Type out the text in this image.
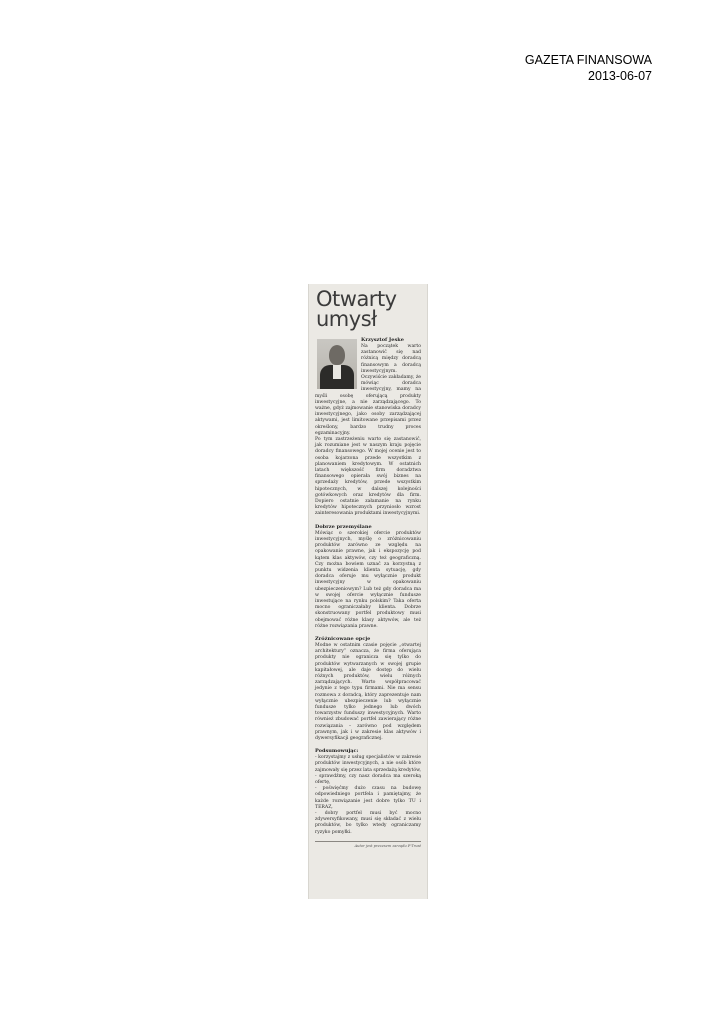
GAZETA FINANSOWA
2013-06-07
Otwarty
umysł
Krzysztof Jeske

Na początek warto zastanowić się nad różnicą między doradcą finansowym a doradcą inwestycyjnym. Oczywiście zakładamy, że mówiąc doradca inwestycyjny, mamy na myśli osobę oferującą produkty inwestycyjne, a nie zarządzającego. To ważne, gdyż zajmowanie stanowiska doradcy inwestycyjnego, jako osoby zarządzającej aktywami, jest limitowane przepisami przez określony, bardzo trudny proces egzaminacyjny.

Po tym zastrzeżeniu warto się zastanowić, jak rozumiane jest w naszym kraju pojęcie doradcy finansowego. W mojej ocenie jest to osoba kojarzona przede wszystkim z planowaniem kredytowym. W ostatnich latach większość firm doradztwa finansowego opierała swój biznes na sprzedaży kredytów, przede wszystkim hipotecznych, w dalszej kolejności gotówkowych oraz kredytów dla firm. Dopiero ostatnie załamanie na rynku kredytów hipotecznych przyniosło wzrost zainteresowania produktami inwestycyjnymi.

Dobrze przemyślane

Mówiąc o szerokiej ofercie produktów inwestycyjnych, myślę o zróżnicowaniu produktów zarówno ze względu na opakowanie prawne, jak i ekspozycję pod kątem klas aktywów, czy też geograficzną. Czy można bowiem uznać za korzystną z punktu widzenia klienta sytuację, gdy doradca oferuje mu wyłącznie produkt inwestycyjny w opakowaniu ubezpieczeniowym? Lub też gdy doradca ma w swojej ofercie wyłącznie fundusze inwestujące na rynku polskim? Taka oferta mocno ograniczałaby klienta. Dobrze skonstruowany portfel produktowy musi obejmować różne klasy aktywów, ale też różne rozwiązania prawne.

Zróżnicowane opcje

Modne w ostatnim czasie pojęcie „otwartej architektury” oznacza, że firma oferująca produkty nie ogranicza się tylko do produktów wytwarzanych w swojej grupie kapitałowej, ale daje dostęp do wielu różnych produktów, wielu różnych zarządzających. Warto współpracować jedynie z tego typu firmami. Nie ma sensu rozmowa z doradcą, który zaprezentuje nam wyłącznie ubezpieczenie lub wyłącznie fundusze tylko jednego lub dwóch towarzystw funduszy inwestycyjnych. Warto również zbudować portfel zawierający różne rozwiązania – zarówno pod względem prawnym, jak i w zakresie klas aktywów i dywersyfikacji geograficznej.

Podsumowując:

- korzystajmy z usług specjalistów w zakresie produktów inwestycyjnych, a nie osób które zajmowały się przez lata sprzedażą kredytów,

- sprawdźmy, czy nasz doradca ma szeroką ofertę,

- poświęćmy dużo czasu na budowę odpowiedniego portfela i pamiętajmy, że każde rozwiązanie jest dobre tylko TU i TERAZ,

- dobry portfel musi być mocno zdywersyfikowany, musi się składać z wielu produktów, bo tylko wtedy ograniczamy ryzyko pomyłki.

Autor jest prezesem zarządu F-Trust
